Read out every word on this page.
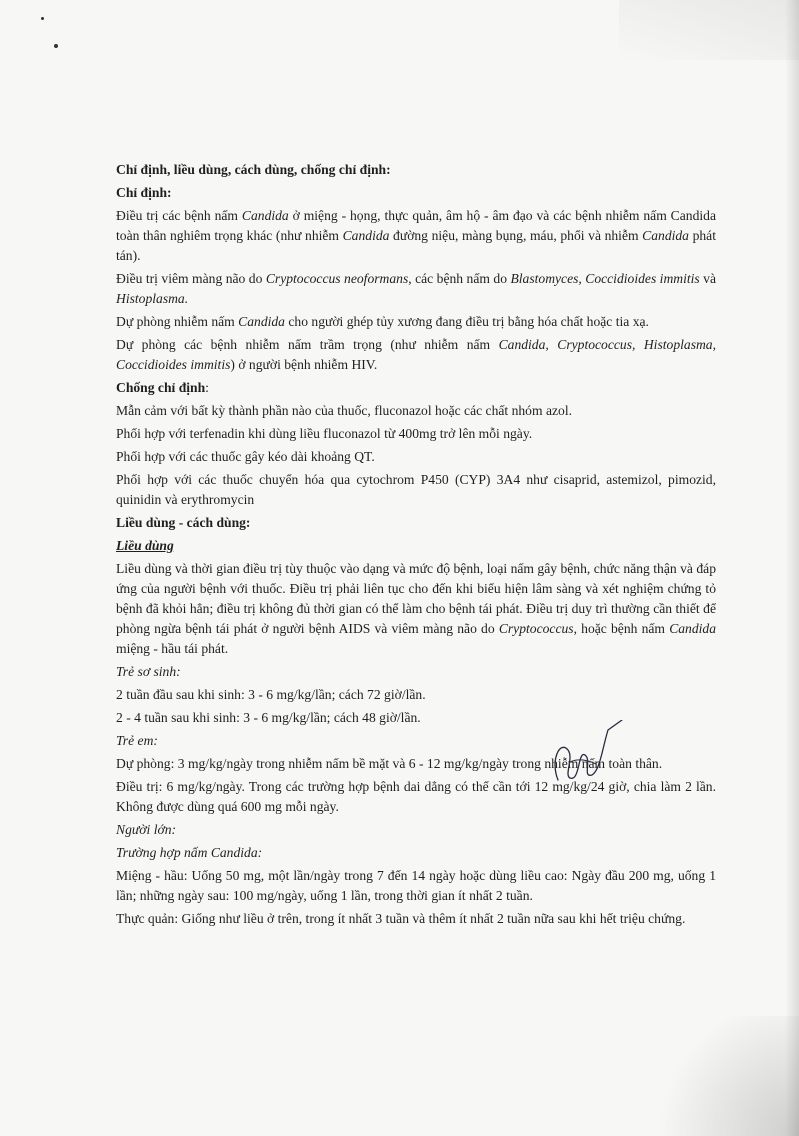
Chỉ định, liều dùng, cách dùng, chống chỉ định:

Chỉ định:

Điều trị các bệnh nấm Candida ở miệng - họng, thực quản, âm hộ - âm đạo và các bệnh nhiễm nấm Candida toàn thân nghiêm trọng khác (như nhiễm Candida đường niệu, màng bụng, máu, phổi và nhiễm Candida phát tán).

Điều trị viêm màng não do Cryptococcus neoformans, các bệnh nấm do Blastomyces, Coccidioides immitis và Histoplasma.

Dự phòng nhiễm nấm Candida cho người ghép tủy xương đang điều trị bằng hóa chất hoặc tia xạ.

Dự phòng các bệnh nhiễm nấm trầm trọng (như nhiễm nấm Candida, Cryptococcus, Histoplasma, Coccidioides immitis) ở người bệnh nhiễm HIV.

Chống chỉ định:

Mẫn cảm với bất kỳ thành phần nào của thuốc, fluconazol hoặc các chất nhóm azol.

Phối hợp với terfenadin khi dùng liều fluconazol từ 400mg trở lên mỗi ngày.

Phối hợp với các thuốc gây kéo dài khoảng QT.

Phối hợp với các thuốc chuyển hóa qua cytochrom P450 (CYP) 3A4 như cisaprid, astemizol, pimozid, quinidin và erythromycin

Liều dùng - cách dùng:

Liều dùng

Liều dùng và thời gian điều trị tùy thuộc vào dạng và mức độ bệnh, loại nấm gây bệnh, chức năng thận và đáp ứng của người bệnh với thuốc. Điều trị phải liên tục cho đến khi biểu hiện lâm sàng và xét nghiệm chứng tỏ bệnh đã khỏi hẳn; điều trị không đủ thời gian có thể làm cho bệnh tái phát. Điều trị duy trì thường cần thiết để phòng ngừa bệnh tái phát ở người bệnh AIDS và viêm màng não do Cryptococcus, hoặc bệnh nấm Candida miệng - hầu tái phát.

Trẻ sơ sinh:

2 tuần đầu sau khi sinh: 3 - 6 mg/kg/lần; cách 72 giờ/lần.

2 - 4 tuần sau khi sinh: 3 - 6 mg/kg/lần; cách 48 giờ/lần.

Trẻ em:

Dự phòng: 3 mg/kg/ngày trong nhiễm nấm bề mặt và 6 - 12 mg/kg/ngày trong nhiễm nấm toàn thân.

Điều trị: 6 mg/kg/ngày. Trong các trường hợp bệnh dai dẳng có thể cần tới 12 mg/kg/24 giờ, chia làm 2 lần. Không được dùng quá 600 mg mỗi ngày.

Người lớn:

Trường hợp nấm Candida:

Miệng - hầu: Uống 50 mg, một lần/ngày trong 7 đến 14 ngày hoặc dùng liều cao: Ngày đầu 200 mg, uống 1 lần; những ngày sau: 100 mg/ngày, uống 1 lần, trong thời gian ít nhất 2 tuần.

Thực quản: Giống như liều ở trên, trong ít nhất 3 tuần và thêm ít nhất 2 tuần nữa sau khi hết triệu chứng.
